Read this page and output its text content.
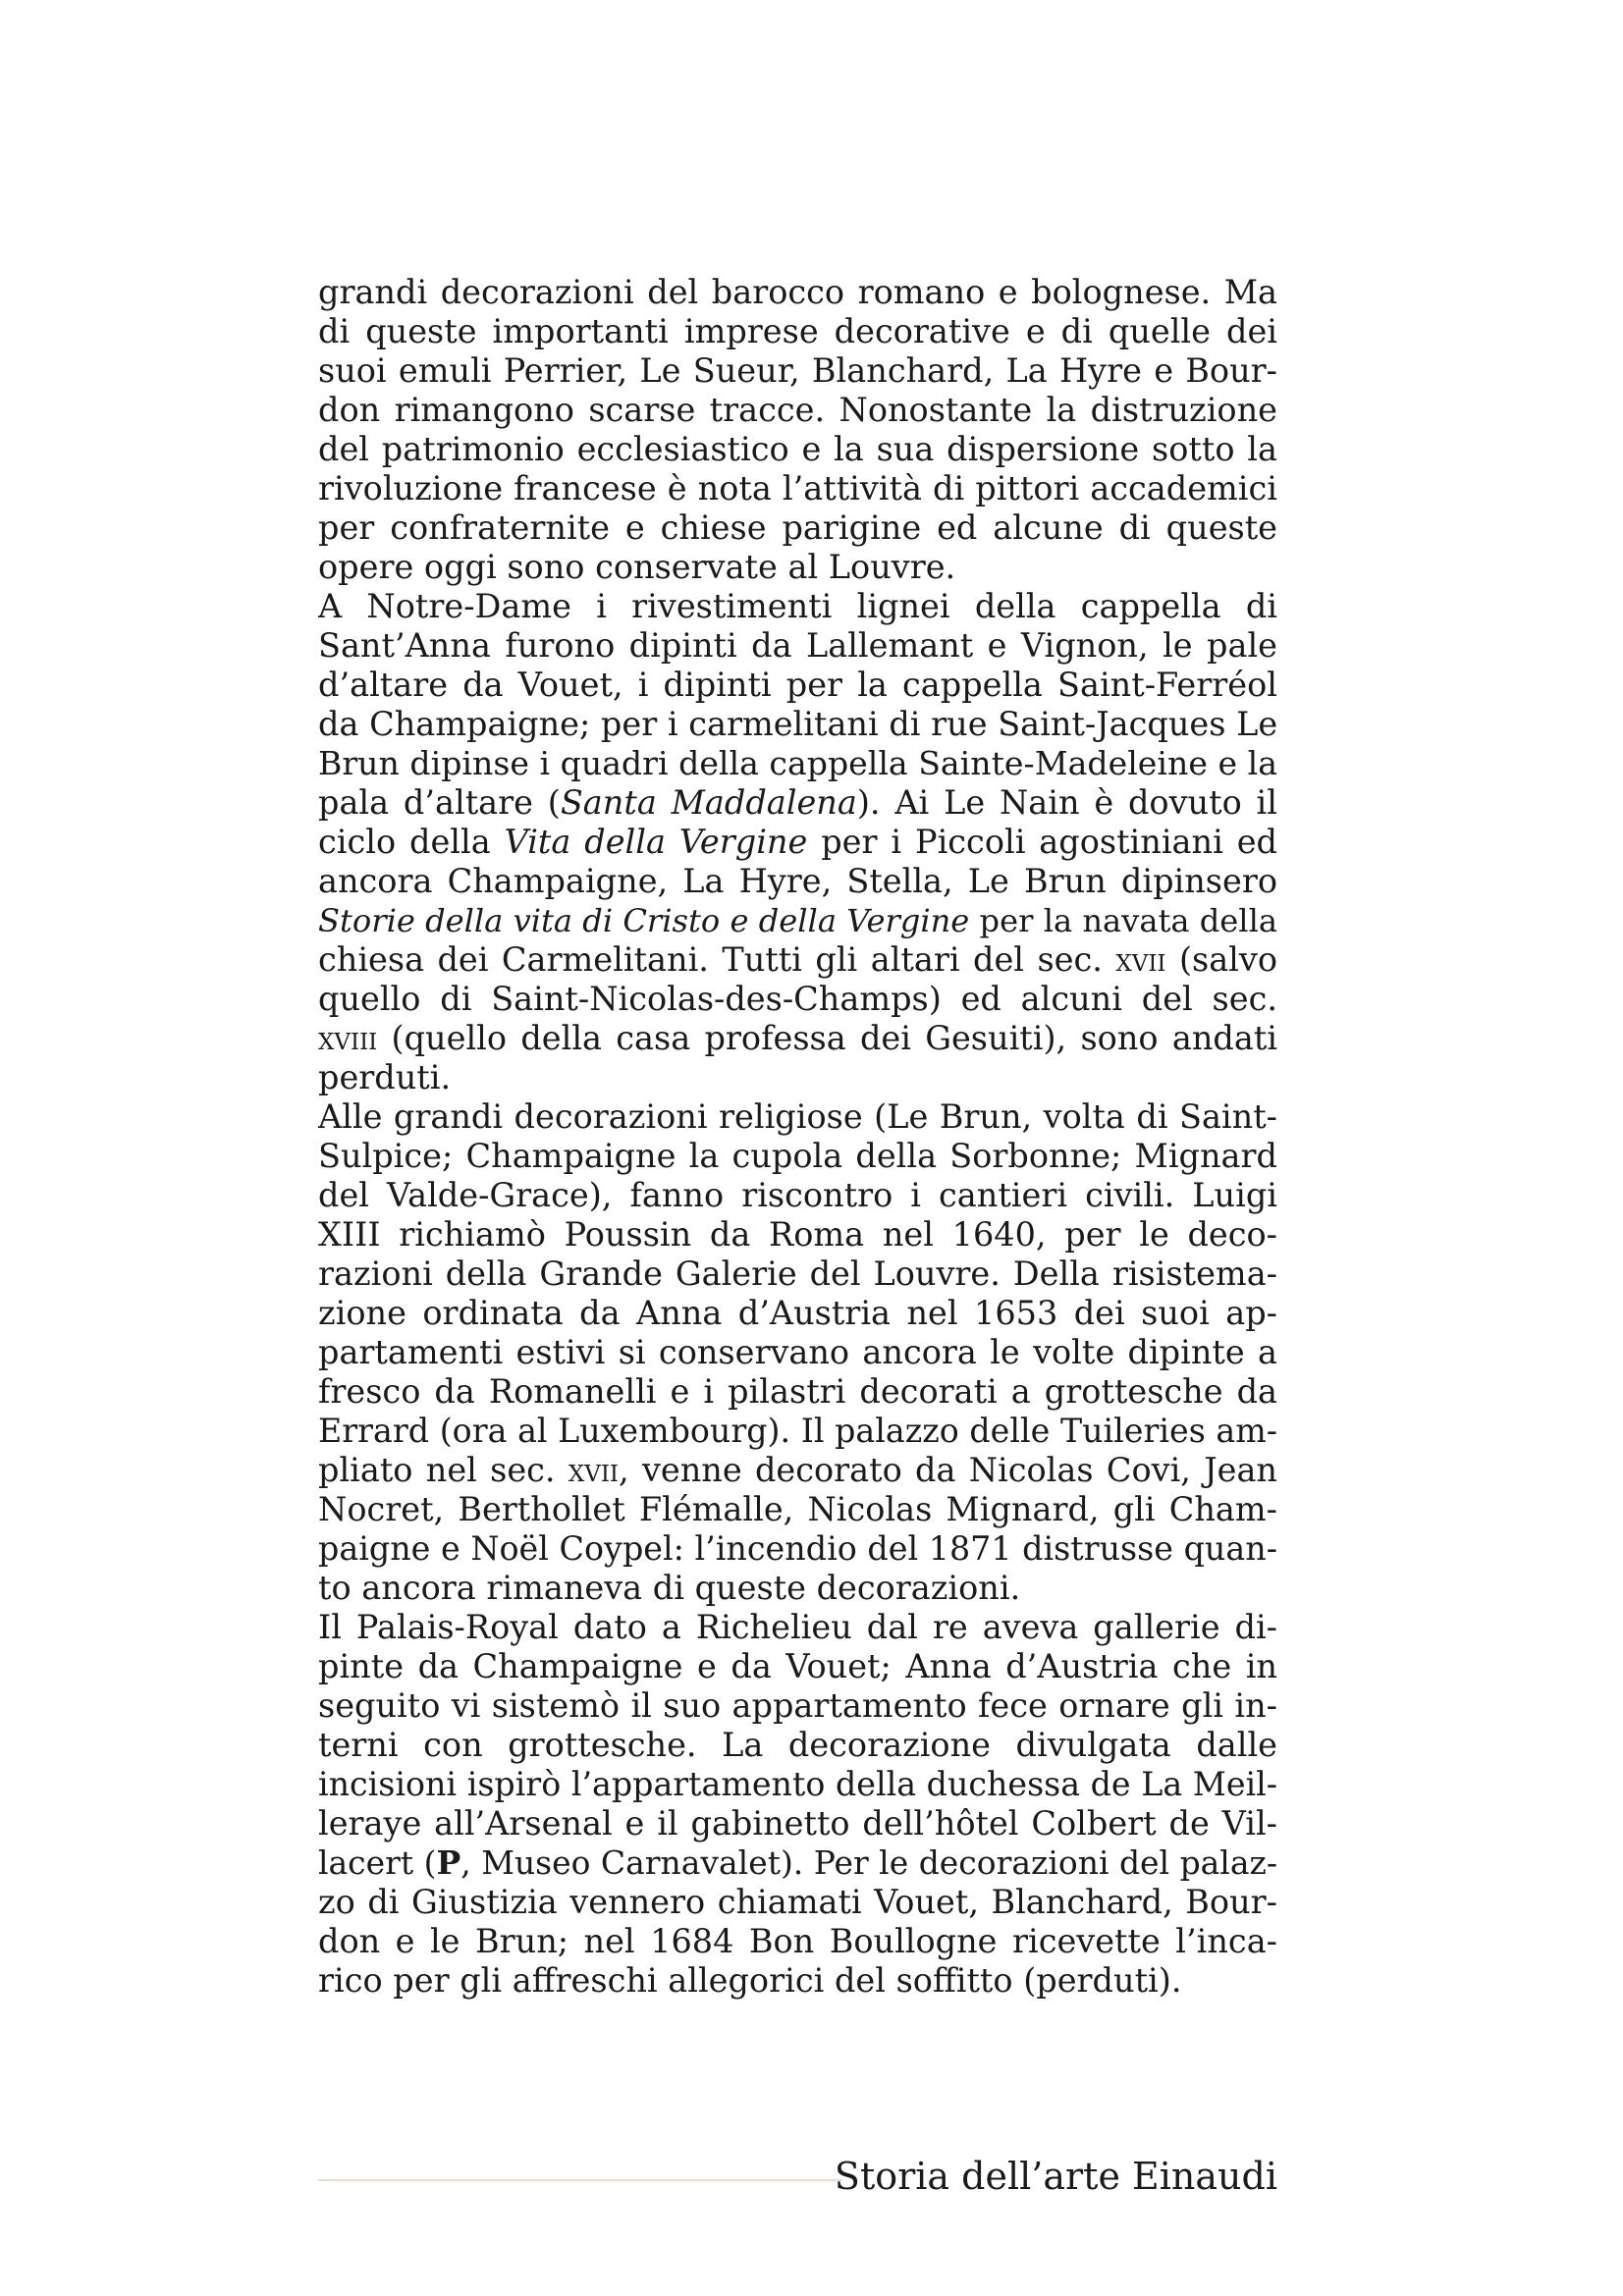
grandi decorazioni del barocco romano e bolognese. Ma
di queste importanti imprese decorative e di quelle dei
suoi emuli Perrier, Le Sueur, Blanchard, La Hyre e Bour-
don rimangono scarse tracce. Nonostante la distruzione
del patrimonio ecclesiastico e la sua dispersione sotto la
rivoluzione francese è nota l’attività di pittori accademici
per confraternite e chiese parigine ed alcune di queste
opere oggi sono conservate al Louvre.
A Notre-Dame i rivestimenti lignei della cappella di
Sant’Anna furono dipinti da Lallemant e Vignon, le pale
d’altare da Vouet, i dipinti per la cappella Saint-Ferréol
da Champaigne; per i carmelitani di rue Saint-Jacques Le
Brun dipinse i quadri della cappella Sainte-Madeleine e la
pala d’altare (Santa Maddalena). Ai Le Nain è dovuto il
ciclo della Vita della Vergine per i Piccoli agostiniani ed
ancora Champaigne, La Hyre, Stella, Le Brun dipinsero
Storie della vita di Cristo e della Vergine per la navata della
chiesa dei Carmelitani. Tutti gli altari del sec. xvii (salvo
quello di Saint-Nicolas-des-Champs) ed alcuni del sec.
xviii (quello della casa professa dei Gesuiti), sono andati
perduti.
Alle grandi decorazioni religiose (Le Brun, volta di Saint-
Sulpice; Champaigne la cupola della Sorbonne; Mignard
del Valde-Grace), fanno riscontro i cantieri civili. Luigi
XIII richiamò Poussin da Roma nel 1640, per le deco-
razioni della Grande Galerie del Louvre. Della risistema-
zione ordinata da Anna d’Austria nel 1653 dei suoi ap-
partamenti estivi si conservano ancora le volte dipinte a
fresco da Romanelli e i pilastri decorati a grottesche da
Errard (ora al Luxembourg). Il palazzo delle Tuileries am-
pliato nel sec. xvii, venne decorato da Nicolas Covi, Jean
Nocret, Berthollet Flémalle, Nicolas Mignard, gli Cham-
paigne e Noël Coypel: l’incendio del 1871 distrusse quan-
to ancora rimaneva di queste decorazioni.
Il Palais-Royal dato a Richelieu dal re aveva gallerie di-
pinte da Champaigne e da Vouet; Anna d’Austria che in
seguito vi sistemò il suo appartamento fece ornare gli in-
terni con grottesche. La decorazione divulgata dalle
incisioni ispirò l’appartamento della duchessa de La Meil-
leraye all’Arsenal e il gabinetto dell’hôtel Colbert de Vil-
lacert (P, Museo Carnavalet). Per le decorazioni del palaz-
zo di Giustizia vennero chiamati Vouet, Blanchard, Bour-
don e le Brun; nel 1684 Bon Boullogne ricevette l’inca-
rico per gli affreschi allegorici del soffitto (perduti).
Storia dell’arte Einaudi
